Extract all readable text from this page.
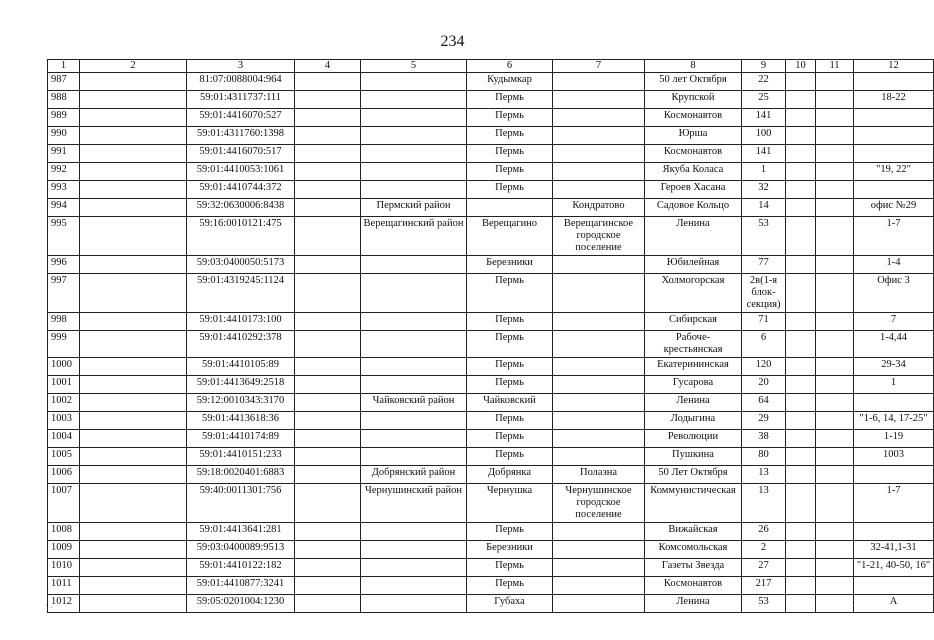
234
1	2	3	4	5	6	7	8	9	10	11	12
987		81:07:0088004:964			Кудымкар		50 лет Октября	22			
988		59:01:4311737:111			Пермь		Крупской	25			18-22
989		59:01:4416070:527			Пермь		Космонавтов	141			
990		59:01:4311760:1398			Пермь		Юрша	100			
991		59:01:4416070:517			Пермь		Космонавтов	141			
992		59:01:4410053:1061			Пермь		Якуба Коласа	1			"19, 22"
993		59:01:4410744:372			Пермь		Героев Хасана	32			
994		59:32:0630006:8438		Пермский район		Кондратово	Садовое Кольцо	14			офис №29
995		59:16:0010121:475		Верещагинский район	Верещагино	Верещагинское городское поселение	Ленина	53			1-7
996		59:03:0400050:5173			Березники		Юбилейная	77			1-4
997		59:01:4319245:1124			Пермь		Холмогорская	2в(1-я блок-секция)			Офис 3
998		59:01:4410173:100			Пермь		Сибирская	71			7
999		59:01:4410292:378			Пермь		Рабоче-крестьянская	6			1-4,44
1000		59:01:4410105:89			Пермь		Екатерининская	120			29-34
1001		59:01:4413649:2518			Пермь		Гусарова	20			1
1002		59:12:0010343:3170		Чайковский район	Чайковский		Ленина	64			
1003		59:01:4413618:36			Пермь		Лодыгина	29			"1-6, 14, 17-25"
1004		59:01:4410174:89			Пермь		Революции	38			1-19
1005		59:01:4410151:233			Пермь		Пушкина	80			1003
1006		59:18:0020401:6883		Добрянский район	Добрянка	Полазна	50 Лет Октября	13			
1007		59:40:0011301:756		Чернушинский район	Чернушка	Чернушинское городское поселение	Коммунистическая	13			1-7
1008		59:01:4413641:281			Пермь		Вижайская	26			
1009		59:03:0400089:9513			Березники		Комсомольская	2			32-41,1-31
1010		59:01:4410122:182			Пермь		Газеты Звезда	27			"1-21, 40-50, 16"
1011		59:01:4410877:3241			Пермь		Космонавтов	217			
1012		59:05:0201004:1230			Губаха		Ленина	53			А
· .′	.
